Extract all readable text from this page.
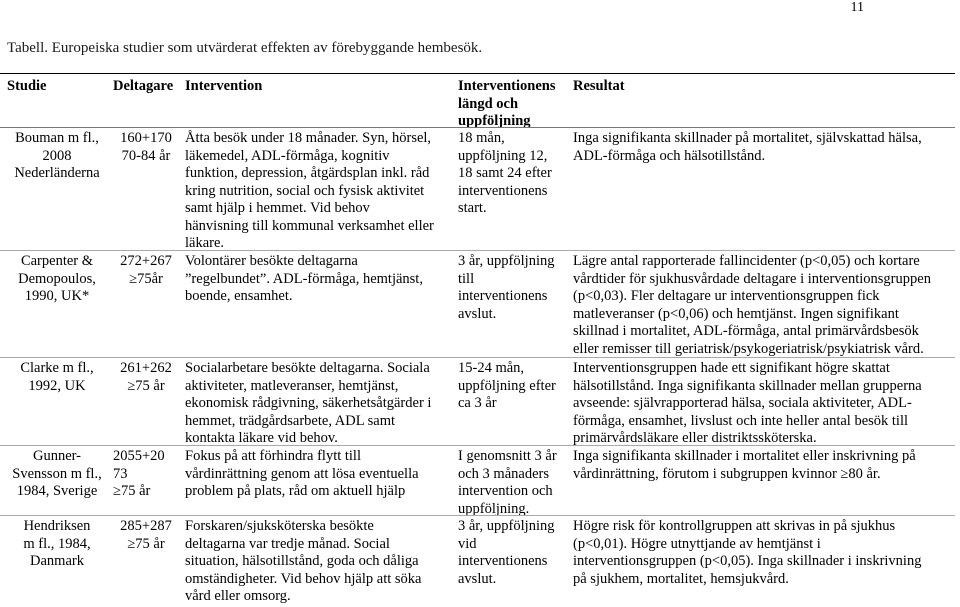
11
Tabell. Europeiska studier som utvärderat effekten av förebyggande hembesök.
Studie	Deltagare Intervention	Interventionens
längd och
uppföljning
Resultat
Bouman m fl.,
2008
Nederländerna
160+170
70-84 år
Åtta besök under 18 månader. Syn, hörsel,
läkemedel, ADL-förmåga, kognitiv
funktion, depression, åtgärdsplan inkl. råd
kring nutrition, social och fysisk aktivitet
samt hjälp i hemmet. Vid behov
hänvisning till kommunal verksamhet eller
läkare.
18 mån,
uppföljning 12,
18 samt 24 efter
interventionens
start.
Inga signifikanta skillnader på mortalitet, självskattad hälsa,
ADL-förmåga och hälsotillstånd.
Carpenter &
Demopoulos,
1990, UK*
272+267
≥75år
Volontärer besökte deltagarna
”regelbundet”. ADL-förmåga, hemtjänst,
boende, ensamhet.
3 år, uppföljning
till
interventionens
avslut.
Lägre antal rapporterade fallincidenter (p<0,05) och kortare
vårdtider för sjukhusvårdade deltagare i interventionsgruppen
(p<0,03). Fler deltagare ur interventionsgruppen fick
matleveranser (p<0,06) och hemtjänst. Ingen signifikant
skillnad i mortalitet, ADL-förmåga, antal primärvårdsbesök
eller remisser till geriatrisk/psykogeriatrisk/psykiatrisk vård.
Clarke m fl.,
1992, UK
261+262
≥75 år
Socialarbetare besökte deltagarna. Sociala
aktiviteter, matleveranser, hemtjänst,
ekonomisk rådgivning, säkerhetsåtgärder i
hemmet, trädgårdsarbete, ADL samt
kontakta läkare vid behov.
15-24 mån,
uppföljning efter
ca 3 år
Interventionsgruppen hade ett signifikant högre skattat
hälsotillstånd. Inga signifikanta skillnader mellan grupperna
avseende: självrapporterad hälsa, sociala aktiviteter, ADL-
förmåga, ensamhet, livslust och inte heller antal besök till
primärvårdsläkare eller distriktssköterska.
Gunner-
Svensson m fl.,
1984, Sverige
2055+20
73
≥75 år
Fokus på att förhindra flytt till
vårdinrättning genom att lösa eventuella
problem på plats, råd om aktuell hjälp
I genomsnitt 3 år
och 3 månaders
intervention och
uppföljning.
Inga signifikanta skillnader i mortalitet eller inskrivning på
vårdinrättning, förutom i subgruppen kvinnor ≥80 år.
Hendriksen
m fl., 1984,
Danmark
285+287
≥75 år
Forskaren/sjuksköterska besökte
deltagarna var tredje månad. Social
situation, hälsotillstånd, goda och dåliga
omständigheter. Vid behov hjälp att söka
vård eller omsorg.
3 år, uppföljning
vid
interventionens
avslut.
Högre risk för kontrollgruppen att skrivas in på sjukhus
(p<0,01). Högre utnyttjande av hemtjänst i
interventionsgruppen (p<0,05). Inga skillnader i inskrivning
på sjukhem, mortalitet, hemsjukvård.
